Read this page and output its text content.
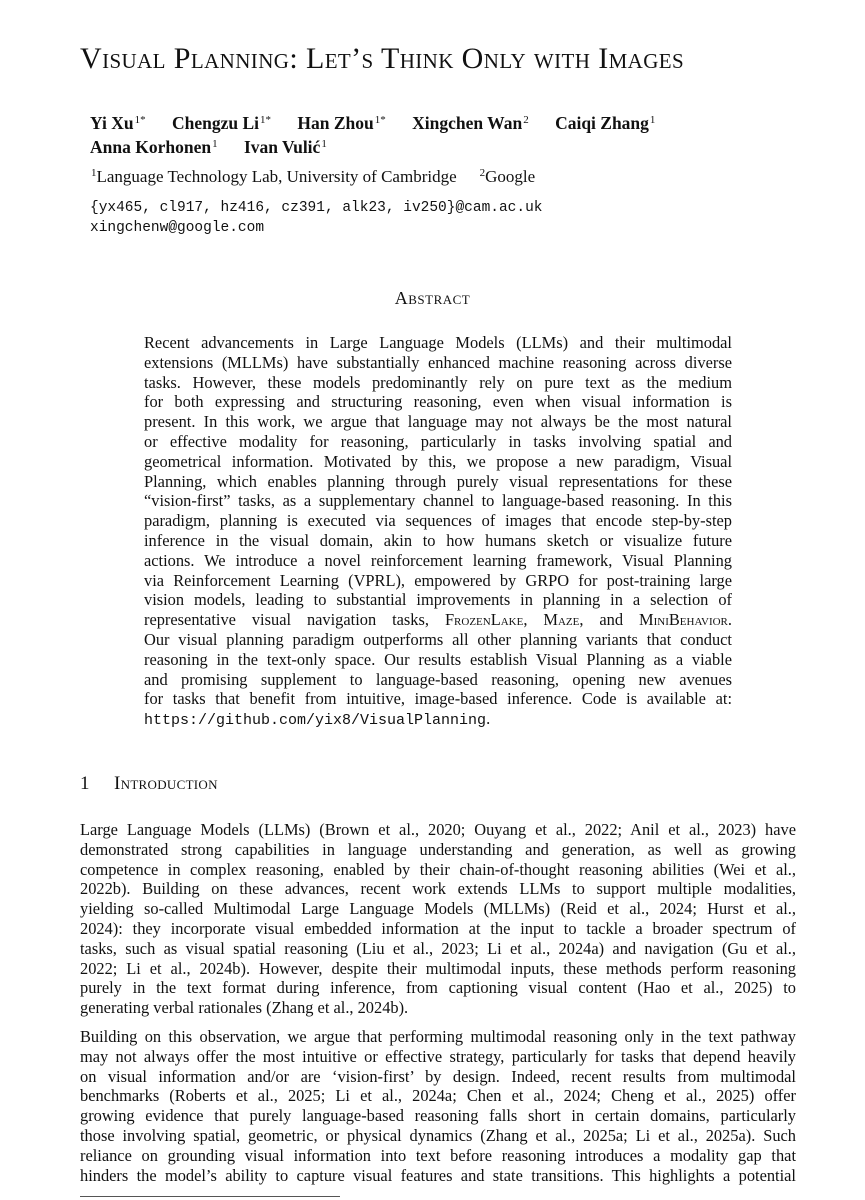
Visual Planning: Let’s Think Only with Images
Yi $Xu^{1*}$ Chengzu $Li^{1*}$ Han Zhou$^{1*}$ Xingchen Wan$^2$ Caiqi Zhang$^1$
Anna Korhonen$^1$ Ivan Vulić$^1$
$^1$Language Technology Lab, University of Cambridge $^2$Google
{yx465, cl917, hz416, cz391, alk23, iv250}@cam.ac.uk
xingchenw@google.com
Abstract
Recent advancements in Large Language Models (LLMs) and their multimodal
extensions (MLLMs) have substantially enhanced machine reasoning across diverse
tasks. However, these models predominantly rely on pure text as the medium
for both expressing and structuring reasoning, even when visual information is
present. In this work, we argue that language may not always be the most natural
or effective modality for reasoning, particularly in tasks involving spatial and
geometrical information. Motivated by this, we propose a new paradigm, Visual
Planning, which enables planning through purely visual representations for these
“vision-first” tasks, as a supplementary channel to language-based reasoning. In this
paradigm, planning is executed via sequences of images that encode step-by-step
inference in the visual domain, akin to how humans sketch or visualize future
actions. We introduce a novel reinforcement learning framework, Visual Planning
via Reinforcement Learning (VPRL), empowered by GRPO for post-training large
vision models, leading to substantial improvements in planning in a selection of
representative visual navigation tasks, FrozenLake, Maze, and MiniBehavior.
Our visual planning paradigm outperforms all other planning variants that conduct
reasoning in the text-only space. Our results establish Visual Planning as a viable
and promising supplement to language-based reasoning, opening new avenues
for tasks that benefit from intuitive, image-based inference. Code is available at:
https://github.com/yix8/VisualPlanning.
1 Introduction
Large Language Models (LLMs) (Brown et al., 2020; Ouyang et al., 2022; Anil et al., 2023) have
demonstrated strong capabilities in language understanding and generation, as well as growing
competence in complex reasoning, enabled by their chain-of-thought reasoning abilities (Wei et al.,
2022b). Building on these advances, recent work extends LLMs to support multiple modalities,
yielding so-called Multimodal Large Language Models (MLLMs) (Reid et al., 2024; Hurst et al.,
2024): they incorporate visual embedded information at the input to tackle a broader spectrum of
tasks, such as visual spatial reasoning (Liu et al., 2023; Li et al., 2024a) and navigation (Gu et al.,
2022; Li et al., 2024b). However, despite their multimodal inputs, these methods perform reasoning
purely in the text format during inference, from captioning visual content (Hao et al., 2025) to
generating verbal rationales (Zhang et al., 2024b).
Building on this observation, we argue that performing multimodal reasoning only in the text pathway
may not always offer the most intuitive or effective strategy, particularly for tasks that depend heavily
on visual information and/or are ‘vision-first’ by design. Indeed, recent results from multimodal
benchmarks (Roberts et al., 2025; Li et al., 2024a; Chen et al., 2024; Cheng et al., 2025) offer
growing evidence that purely language-based reasoning falls short in certain domains, particularly
those involving spatial, geometric, or physical dynamics (Zhang et al., 2025a; Li et al., 2025a). Such
reliance on grounding visual information into text before reasoning introduces a modality gap that
hinders the model’s ability to capture visual features and state transitions. This highlights a potential
